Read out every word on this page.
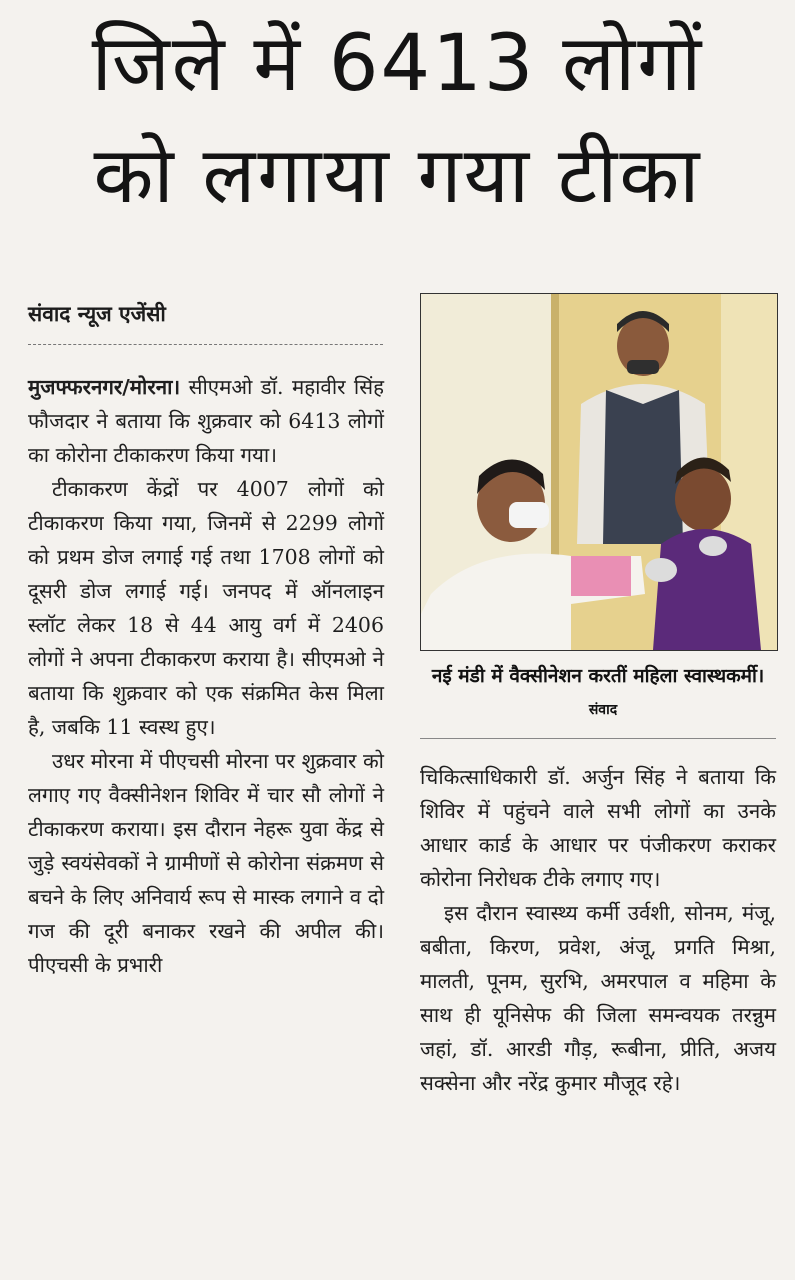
जिले में 6413 लोगों
को लगाया गया टीका
संवाद न्यूज एजेंसी

मुजफ्फरनगर/मोरना। सीएमओ डॉ. महावीर सिंह फौजदार ने बताया कि शुक्रवार को 6413 लोगों का कोरोना टीकाकरण किया गया।

टीकाकरण केंद्रों पर 4007 लोगों को टीकाकरण किया गया, जिनमें से 2299 लोगों को प्रथम डोज लगाई गई तथा 1708 लोगों को दूसरी डोज लगाई गई। जनपद में ऑनलाइन स्लॉट लेकर 18 से 44 आयु वर्ग में 2406 लोगों ने अपना टीकाकरण कराया है। सीएमओ ने बताया कि शुक्रवार को एक संक्रमित केस मिला है, जबकि 11 स्वस्थ हुए।

उधर मोरना में पीएचसी मोरना पर शुक्रवार को लगाए गए वैक्सीनेशन शिविर में चार सौ लोगों ने टीकाकरण कराया। इस दौरान नेहरू युवा केंद्र से जुड़े स्वयंसेवकों ने ग्रामीणों से कोरोना संक्रमण से बचने के लिए अनिवार्य रूप से मास्क लगाने व दो गज की दूरी बनाकर रखने की अपील की। पीएचसी के प्रभारी

नई मंडी में वैक्सीनेशन करतीं महिला स्वास्थकर्मी। संवाद

चिकित्साधिकारी डॉ. अर्जुन सिंह ने बताया कि शिविर में पहुंचने वाले सभी लोगों का उनके आधार कार्ड के आधार पर पंजीकरण कराकर कोरोना निरोधक टीके लगाए गए।

इस दौरान स्वास्थ्य कर्मी उर्वशी, सोनम, मंजू, बबीता, किरण, प्रवेश, अंजू, प्रगति मिश्रा, मालती, पूनम, सुरभि, अमरपाल व महिमा के साथ ही यूनिसेफ की जिला समन्वयक तरन्नुम जहां, डॉ. आरडी गौड़, रूबीना, प्रीति, अजय सक्सेना और नरेंद्र कुमार मौजूद रहे।
